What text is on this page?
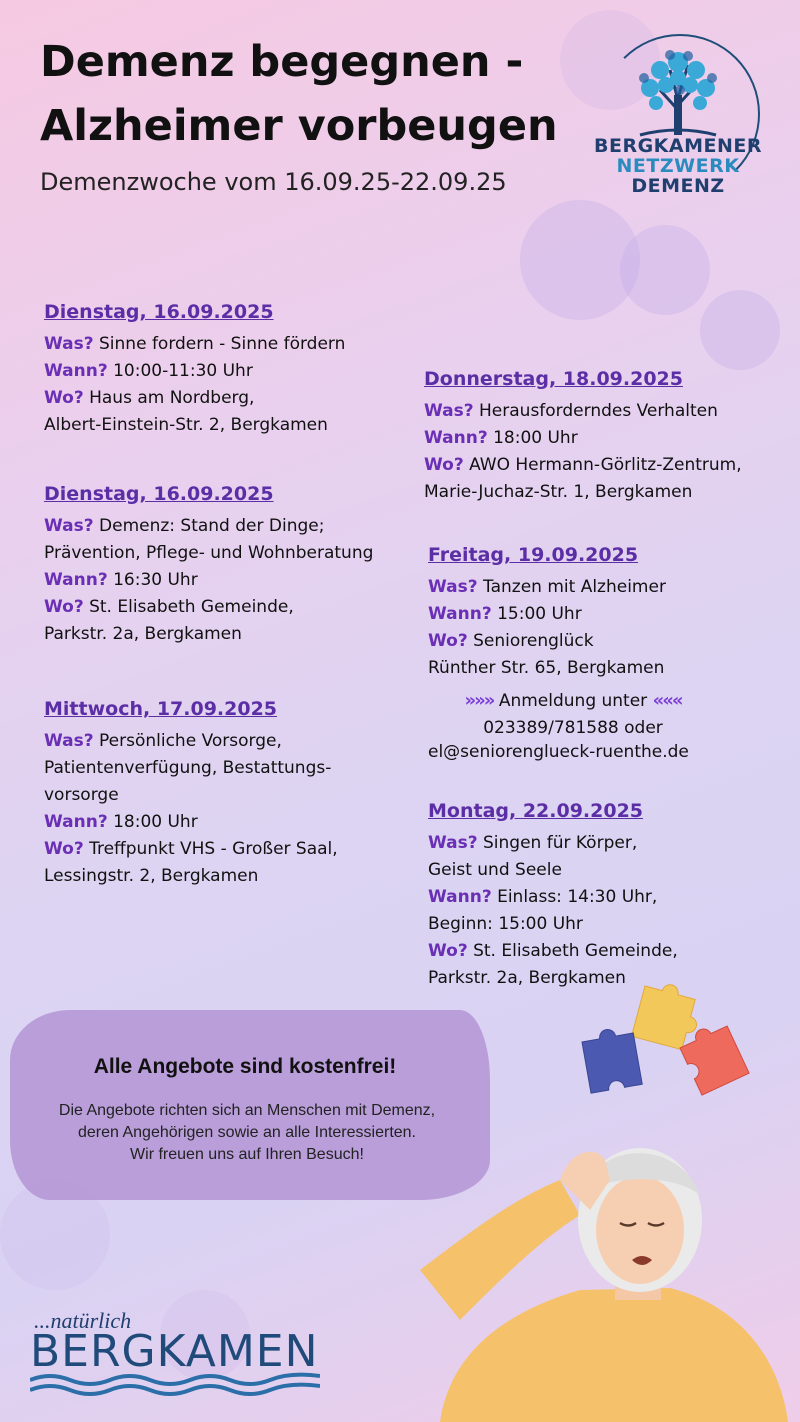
Demenz begegnen -
Alzheimer vorbeugen
Demenzwoche vom 16.09.25-22.09.25
BERGKAMENER
NETZWERK
DEMENZ
Dienstag, 16.09.2025
Was? Sinne fordern - Sinne fördern
Wann? 10:00-11:30 Uhr
Wo? Haus am Nordberg,
Albert-Einstein-Str. 2, Bergkamen
Dienstag, 16.09.2025
Was? Demenz: Stand der Dinge;
Prävention, Pflege- und Wohnberatung
Wann? 16:30 Uhr
Wo? St. Elisabeth Gemeinde,
Parkstr. 2a, Bergkamen
Mittwoch, 17.09.2025
Was? Persönliche Vorsorge,
Patientenverfügung, Bestattungs-
vorsorge
Wann? 18:00 Uhr
Wo? Treffpunkt VHS - Großer Saal,
Lessingstr. 2, Bergkamen
Donnerstag, 18.09.2025
Was? Herausforderndes Verhalten
Wann? 18:00 Uhr
Wo? AWO Hermann-Görlitz-Zentrum,
Marie-Juchaz-Str. 1, Bergkamen
Freitag, 19.09.2025
Was? Tanzen mit Alzheimer
Wann? 15:00 Uhr
Wo? Seniorenglück
Rünther Str. 65, Bergkamen
»»» Anmeldung unter «««
023389/781588 oder
el@seniorenglueck-ruenthe.de
Montag, 22.09.2025
Was? Singen für Körper,
Geist und Seele
Wann? Einlass: 14:30 Uhr,
Beginn: 15:00 Uhr
Wo? St. Elisabeth Gemeinde,
Parkstr. 2a, Bergkamen
Alle Angebote sind kostenfrei!
Die Angebote richten sich an Menschen mit Demenz,
deren Angehörigen sowie an alle Interessierten.
Wir freuen uns auf Ihren Besuch!
...natürlich
BERGKAMEN
